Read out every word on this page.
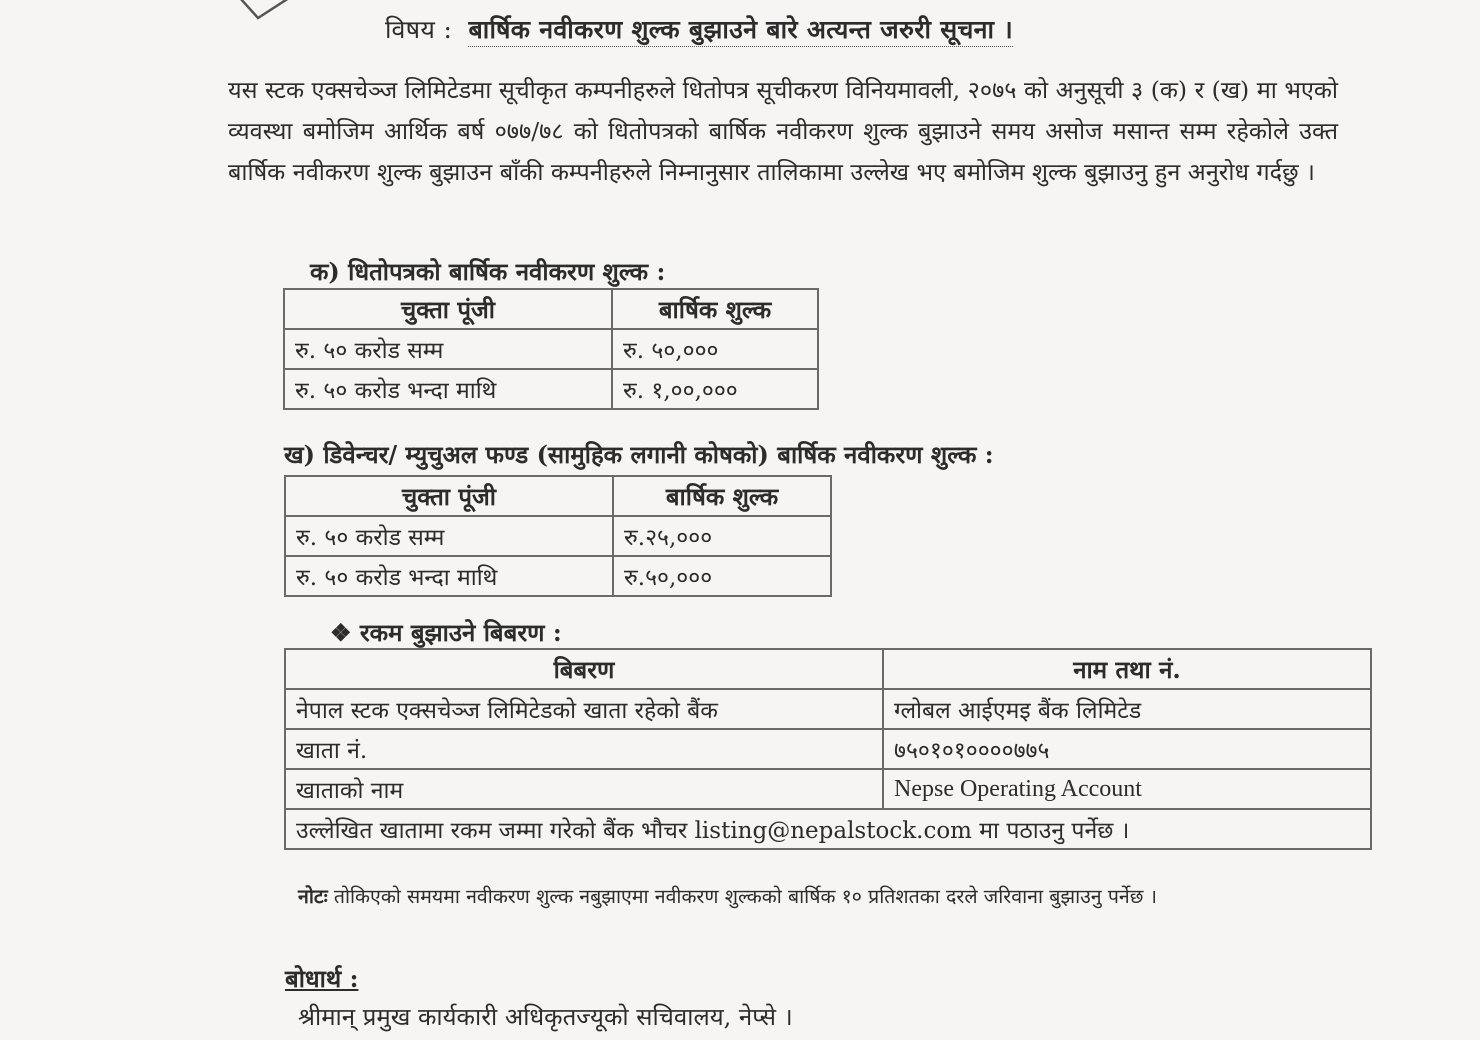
विषय : बार्षिक नवीकरण शुल्क बुझाउने बारे अत्यन्त जरुरी सूचना ।
यस स्टक एक्सचेञ्ज लिमिटेडमा सूचीकृत कम्पनीहरुले धितोपत्र सूचीकरण विनियमावली, २०७५ को अनुसूची ३ (क) र (ख) मा भएको व्यवस्था बमोजिम आर्थिक बर्ष ०७७/७८ को धितोपत्रको बार्षिक नवीकरण शुल्क बुझाउने समय असोज मसान्त सम्म रहेकोले उक्त बार्षिक नवीकरण शुल्क बुझाउन बाँकी कम्पनीहरुले निम्नानुसार तालिकामा उल्लेख भए बमोजिम शुल्क बुझाउनु हुन अनुरोध गर्दछु ।
क) धितोपत्रको बार्षिक नवीकरण शुल्क :
चुक्ता पूंजी	बार्षिक शुल्क
रु. ५० करोड सम्म	रु. ५०,०००
रु. ५० करोड भन्दा माथि	रु. १,००,०००
ख) डिवेन्चर/ म्युचुअल फण्ड (सामुहिक लगानी कोषको) बार्षिक नवीकरण शुल्क :
चुक्ता पूंजी	बार्षिक शुल्क
रु. ५० करोड सम्म	रु.२५,०००
रु. ५० करोड भन्दा माथि	रु.५०,०००
❖ रकम बुझाउने बिबरण :
बिबरण	नाम तथा नं.
नेपाल स्टक एक्सचेञ्ज लिमिटेडको खाता रहेको बैंक	ग्लोबल आईएमइ बैंक लिमिटेड
खाता नं.	७५०१०१००००७७५
खाताको नाम	Nepse Operating Account
उल्लेखित खातामा रकम जम्मा गरेको बैंक भौचर listing@nepalstock.com मा पठाउनु पर्नेछ ।	
नोटः तोकिएको समयमा नवीकरण शुल्क नबुझाएमा नवीकरण शुल्कको बार्षिक १० प्रतिशतका दरले जरिवाना बुझाउनु पर्नेछ ।
बोधार्थ :
श्रीमान् प्रमुख कार्यकारी अधिकृतज्यूको सचिवालय, नेप्से ।
